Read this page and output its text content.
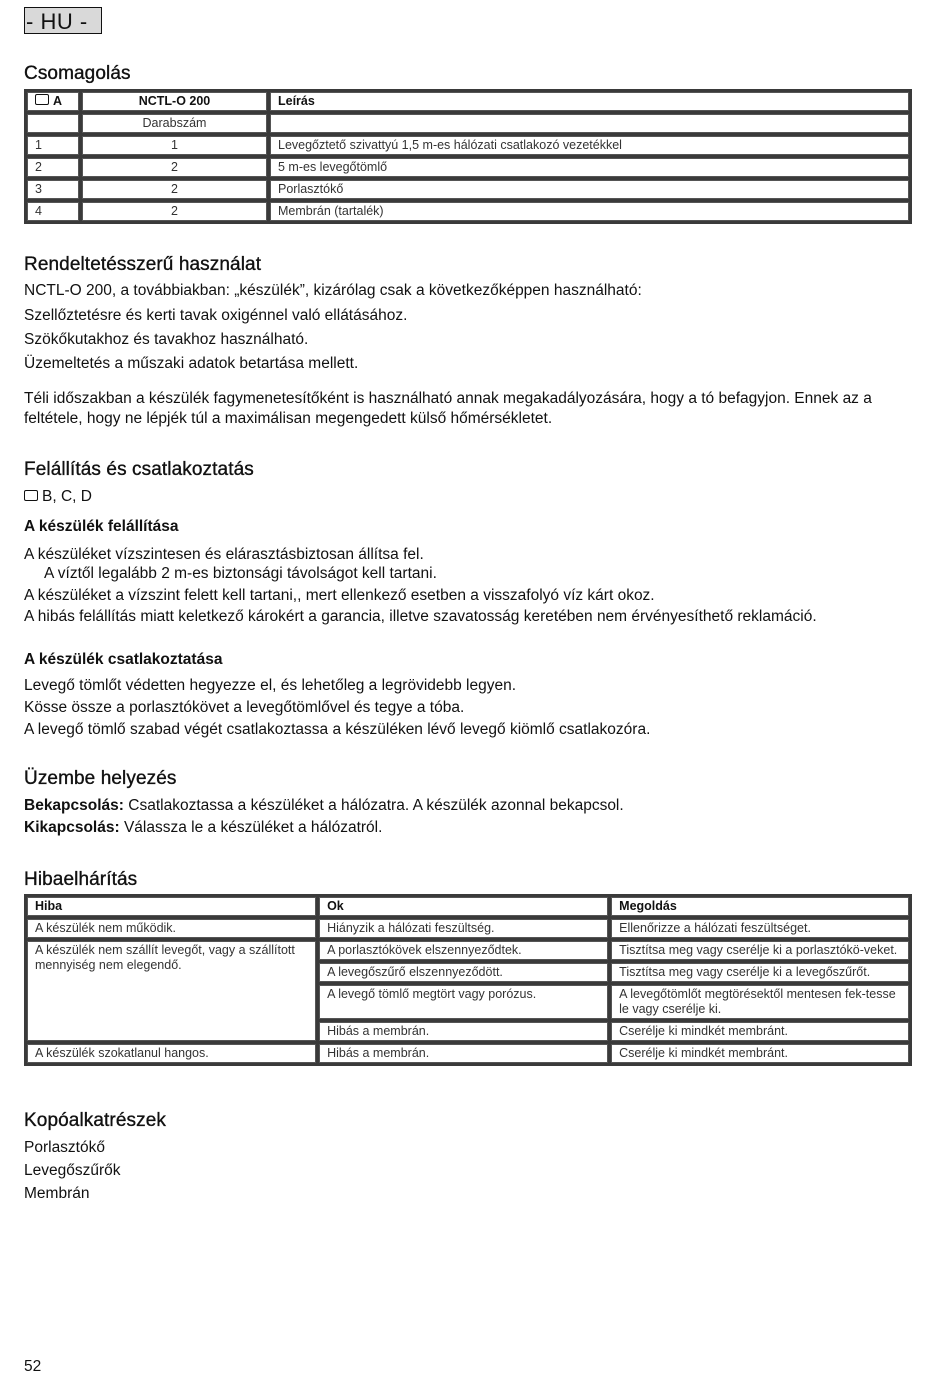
- HU -
Csomagolás
A	NCTL-O 200	Leírás
	Darabszám	
1	1	Levegőztető szivattyú 1,5 m-es hálózati csatlakozó vezetékkel
2	2	5 m-es levegőtömlő
3	2	Porlasztókő
4	2	Membrán (tartalék)
Rendeltetésszerű használat

NCTL-O 200, a továbbiakban: „készülék”, kizárólag csak a következőképpen használható:

Szellőztetésre és kerti tavak oxigénnel való ellátásához.

Szökőkutakhoz és tavakhoz használható.

Üzemeltetés a műszaki adatok betartása mellett.

Téli időszakban a készülék fagymenetesítőként is használható annak megakadályozására, hogy a tó befagyjon. Ennek az a feltétele, hogy ne lépjék túl a maximálisan megengedett külső hőmérsékletet.

Felállítás és csatlakoztatás

B, C, D

A készülék felállítása

A készüléket vízszintesen és elárasztásbiztosan állítsa fel.

A víztől legalább 2 m-es biztonsági távolságot kell tartani.

A készüléket a vízszint felett kell tartani,, mert ellenkező esetben a visszafolyó víz kárt okoz.

A hibás felállítás miatt keletkező károkért a garancia, illetve szavatosság keretében nem érvényesíthető reklamáció.

A készülék csatlakoztatása

Levegő tömlőt védetten hegyezze el, és lehetőleg a legrövidebb legyen.

Kösse össze a porlasztókövet a levegőtömlővel és tegye a tóba.

A levegő tömlő szabad végét csatlakoztassa a készüléken lévő levegő kiömlő csatlakozóra.

Üzembe helyezés

Bekapcsolás: Csatlakoztassa a készüléket a hálózatra. A készülék azonnal bekapcsol.

Kikapcsolás: Válassza le a készüléket a hálózatról.

Hibaelhárítás
Hiba	Ok	Megoldás
A készülék nem működik.	Hiányzik a hálózati feszültség.	Ellenőrizze a hálózati feszültséget.
A készülék nem szállít levegőt, vagy a szállított mennyiség nem elegendő.	A porlasztókövek elszennyeződtek.	Tisztítsa meg vagy cserélje ki a porlasztókö-veket.
	A levegőszűrő elszennyeződött.	Tisztítsa meg vagy cserélje ki a levegőszűrőt.
	A levegő tömlő megtört vagy porózus.	A levegőtömlőt megtörésektől mentesen fek-tesse le vagy cserélje ki.
	Hibás a membrán.	Cserélje ki mindkét membránt.
A készülék szokatlanul hangos.	Hibás a membrán.	Cserélje ki mindkét membránt.
Kopóalkatrészek

Porlasztókő

Levegőszűrők

Membrán

52
